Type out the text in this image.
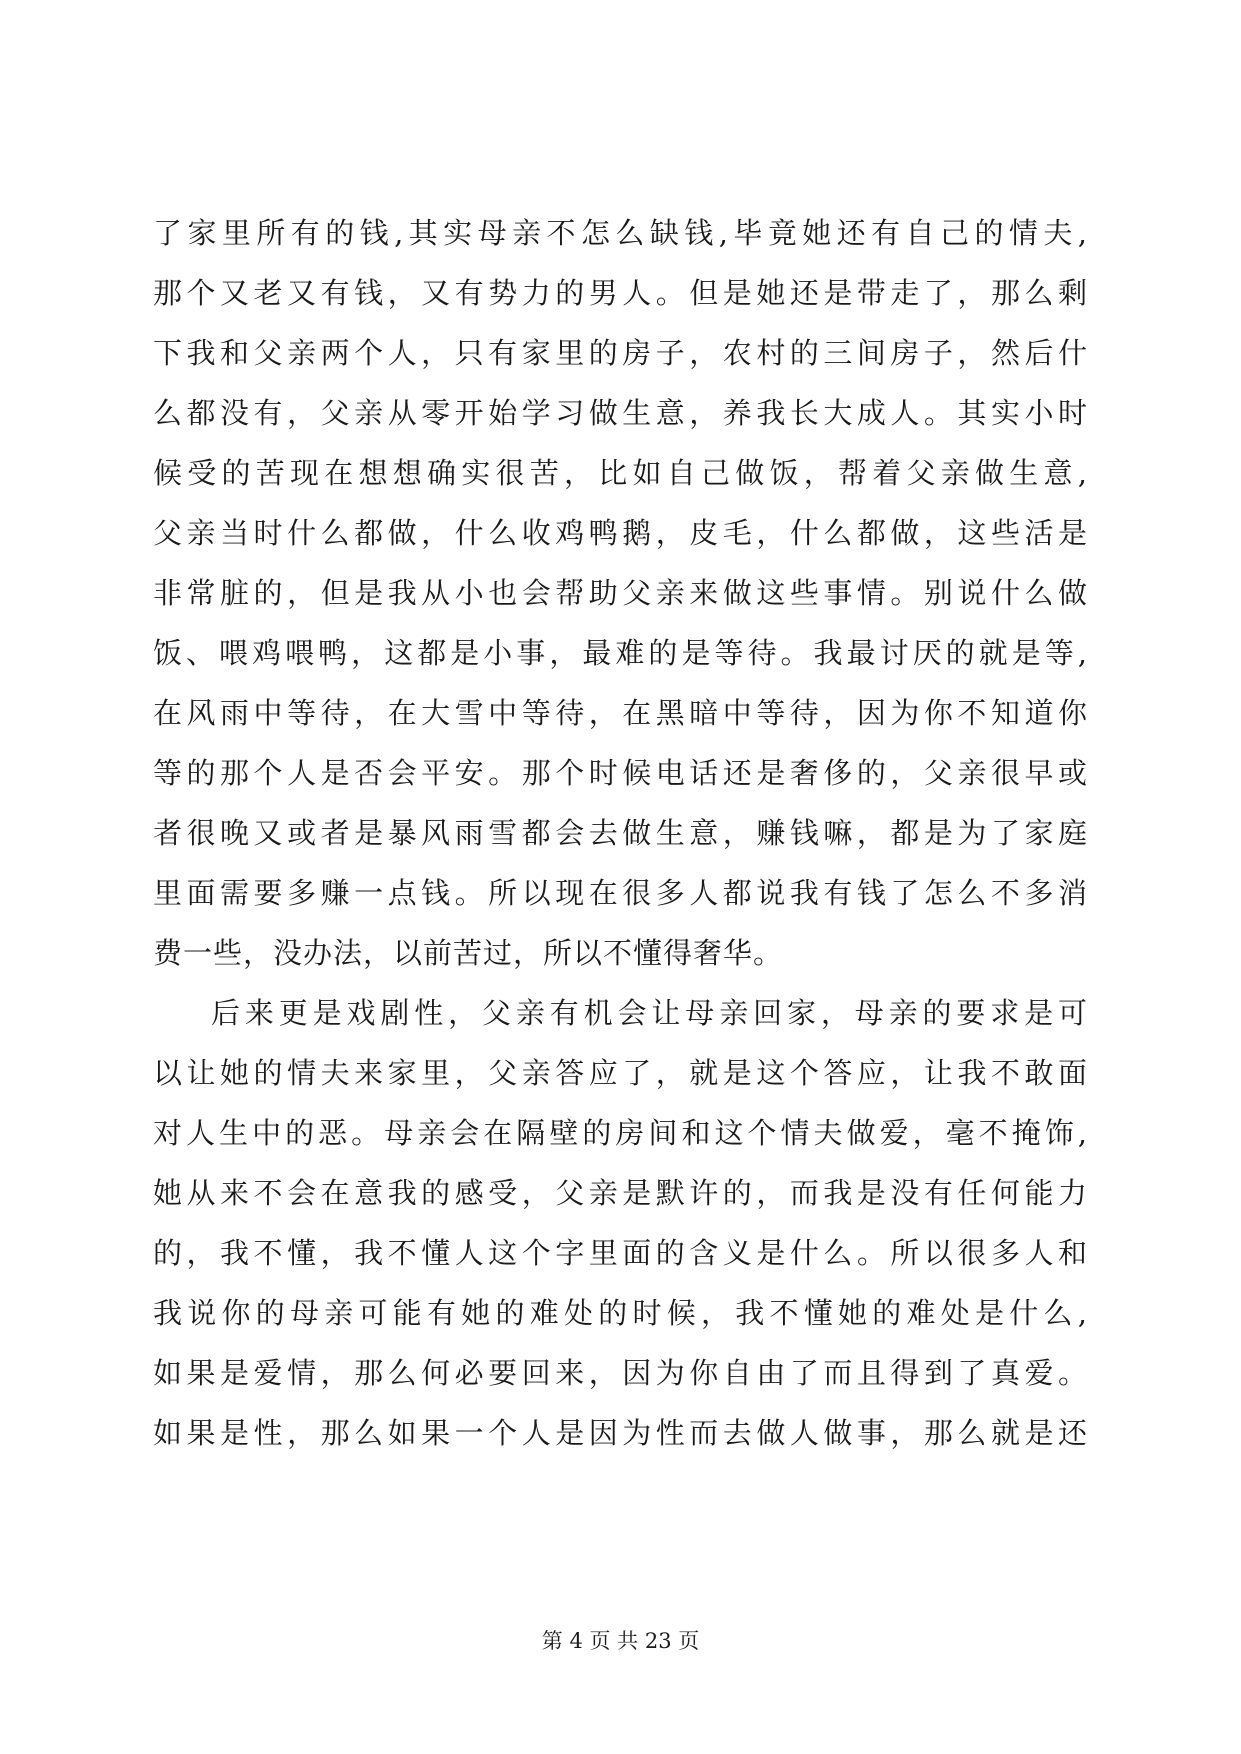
了家里所有的钱,其实母亲不怎么缺钱,毕竟她还有自己的情夫,
那个又老又有钱，又有势力的男人。但是她还是带走了，那么剩
下我和父亲两个人，只有家里的房子，农村的三间房子，然后什
么都没有，父亲从零开始学习做生意，养我长大成人。其实小时
候受的苦现在想想确实很苦，比如自己做饭，帮着父亲做生意,
父亲当时什么都做，什么收鸡鸭鹅，皮毛，什么都做，这些活是
非常脏的，但是我从小也会帮助父亲来做这些事情。别说什么做
饭、喂鸡喂鸭，这都是小事，最难的是等待。我最讨厌的就是等,
在风雨中等待，在大雪中等待，在黑暗中等待，因为你不知道你
等的那个人是否会平安。那个时候电话还是奢侈的，父亲很早或
者很晚又或者是暴风雨雪都会去做生意，赚钱嘛，都是为了家庭
里面需要多赚一点钱。所以现在很多人都说我有钱了怎么不多消
费一些，没办法，以前苦过，所以不懂得奢华。
后来更是戏剧性，父亲有机会让母亲回家，母亲的要求是可
以让她的情夫来家里，父亲答应了，就是这个答应，让我不敢面
对人生中的恶。母亲会在隔壁的房间和这个情夫做爱，毫不掩饰,
她从来不会在意我的感受，父亲是默许的，而我是没有任何能力
的，我不懂，我不懂人这个字里面的含义是什么。所以很多人和
我说你的母亲可能有她的难处的时候，我不懂她的难处是什么,
如果是爱情，那么何必要回来，因为你自由了而且得到了真爱。
如果是性，那么如果一个人是因为性而去做人做事，那么就是还
第 4 页 共 23 页
